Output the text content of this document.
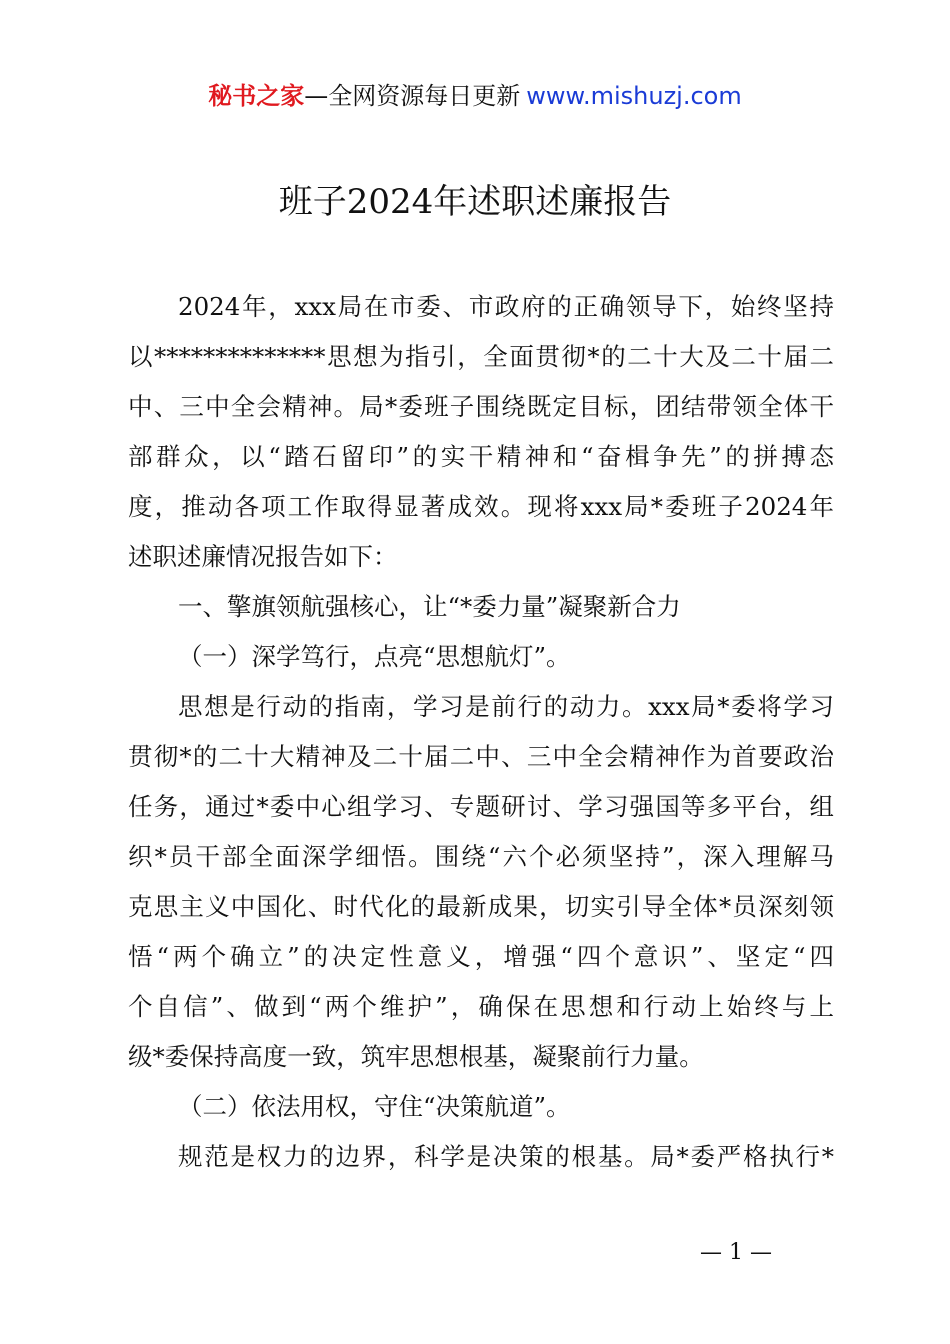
秘书之家—全网资源每日更新 www.mishuzj.com
班子2024年述职述廉报告
2024年，xxx局在市委、市政府的正确领导下，始终坚持
以**************思想为指引，全面贯彻*的二十大及二十届二
中、三中全会精神。局*委班子围绕既定目标，团结带领全体干
部群众，以“踏石留印”的实干精神和“奋楫争先”的拼搏态
度，推动各项工作取得显著成效。现将xxx局*委班子2024年
述职述廉情况报告如下：
一、擎旗领航强核心，让“*委力量”凝聚新合力
（一）深学笃行，点亮“思想航灯”。
思想是行动的指南，学习是前行的动力。xxx局*委将学习
贯彻*的二十大精神及二十届二中、三中全会精神作为首要政治
任务，通过*委中心组学习、专题研讨、学习强国等多平台，组
织*员干部全面深学细悟。围绕“六个必须坚持”，深入理解马
克思主义中国化、时代化的最新成果，切实引导全体*员深刻领
悟“两个确立”的决定性意义，增强“四个意识”、坚定“四
个自信”、做到“两个维护”，确保在思想和行动上始终与上
级*委保持高度一致，筑牢思想根基，凝聚前行力量。
（二）依法用权，守住“决策航道”。
规范是权力的边界，科学是决策的根基。局*委严格执行*
— 1 —
